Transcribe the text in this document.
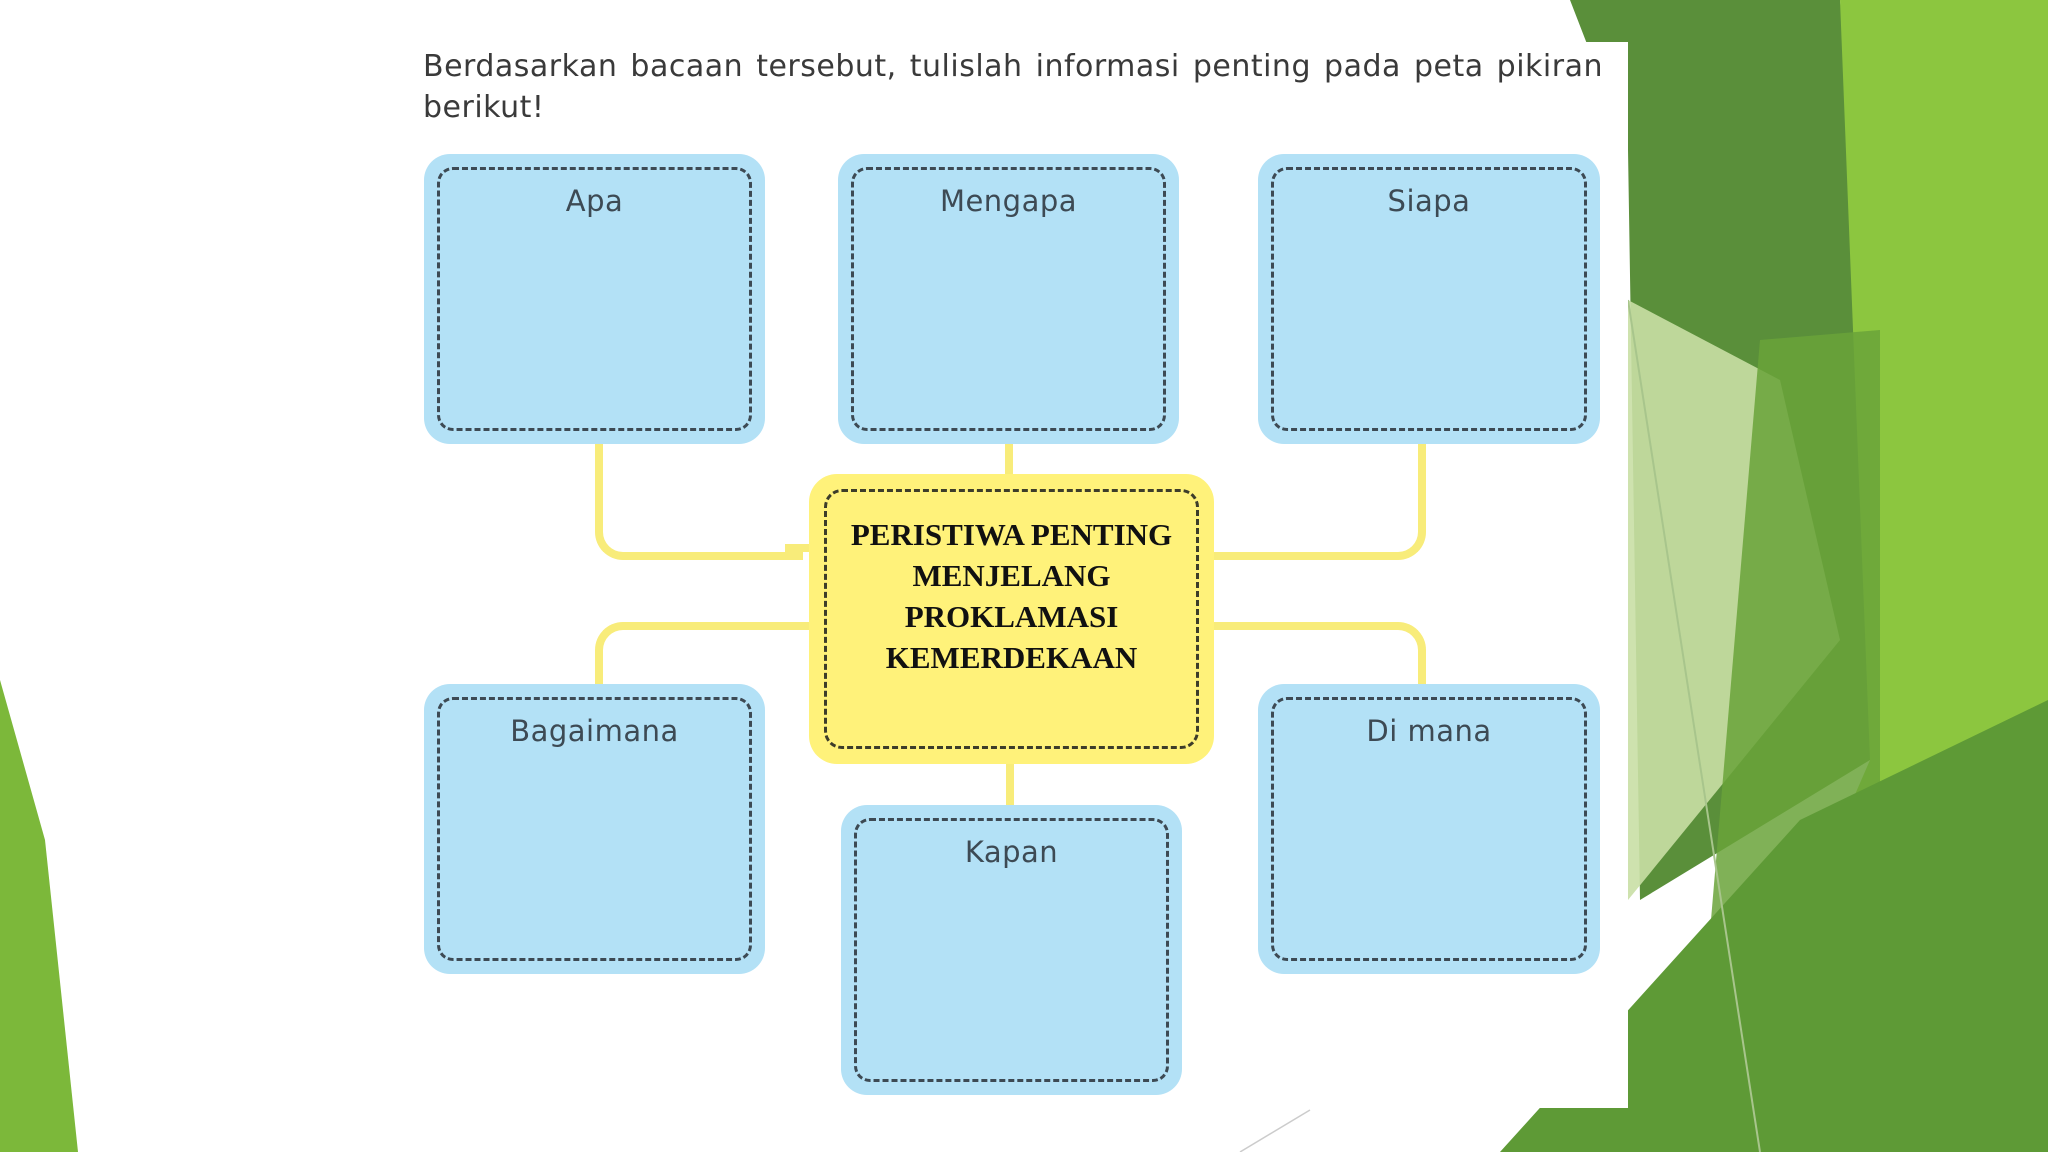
Berdasarkan bacaan tersebut, tulislah informasi penting pada peta pikiran berikut!
Apa	Mengapa	Siapa
Bagaimana
Kapan
Di mana
PERISTIWA PENTING MENJELANG PROKLAMASI KEMERDEKAAN
